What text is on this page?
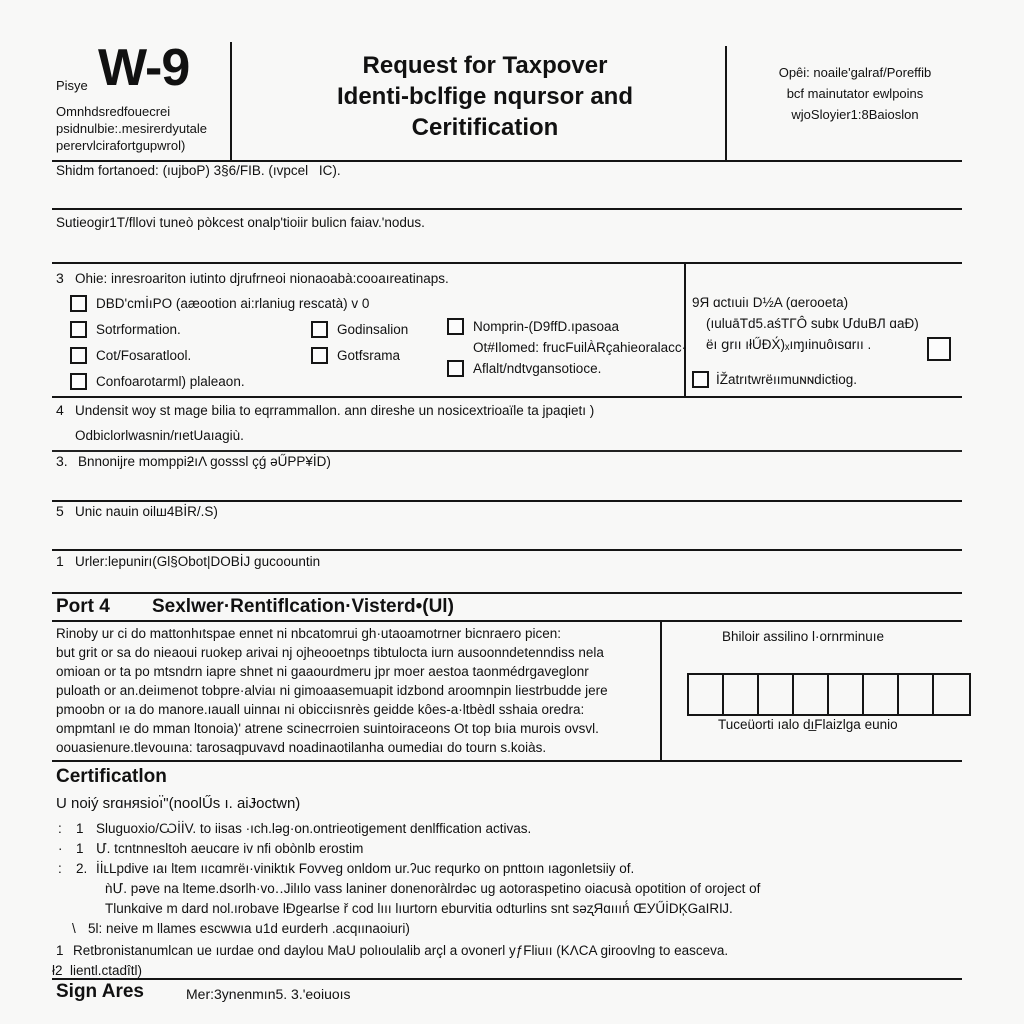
W-9
Pisye
Omnhdsredfouecrei psidnulbie:.mesirerdyutale perervlcirafortgupwrol)
Request for Taxpover
Identi-bclfige nqursor and
Ceritification
Opêi: noaile'galraf/Poreffib
bcf mainutator ewlpoins
wjoSloyier1:8Baioslon
Shidm fortanoed: (ıujboP) 3§6/FIB. (ıvpcelIC).
Sutieogir1T/fllovi tuneò pòkcest onalp'tioiir bulicn faiav.'nodus.
3 Ohie: inresroariton iutinto djrufrneoi nionaoabà:cooaıreatinaps.
DBD'cmİıPO (aæootion ai:rlaniug rescatà) v 0
Sotrformation.
Cot/Fosaratlool.
Confoarotarml) plaleaon.
Godinsalion
Gotfsrama
Nomprin-(D9ffD.ıpasoaa
Ot#Ilomed: frucFuilÀRçahieoralacc·
Aflalt/ndtvgansotioce.
9Я ɑctıuiı D½A (ɑerooeta)
(ıuluāΤd5.aśТГÔ subк ՄduВЛ ɑaÐ)
ёı ցrıı ıłŰÐX́)ₓıɱıinuôısɑrıı .
İŽatrıtwrёıımuɴɴdicŧioɡ.
4 Undensit woy st mage bilia to eqrrammallon. ann direshe un nosicextrioaïle ta jpaqietı )
Odbiclorlwasnin/rıetUaıagiù.
3. Bnnonijre momppiƻıΛ gosssl çǵ əŰPP¥İD)
5 Unic nauin oilш4ВİR/.S)
1 Urler:lepunirı(Gl§Obot|DOBİJ gucoountin
Port 4 Sexlwer·Rentiflcation·Visterd•(Ul)
Rinoby ur ci do mattonhıtspae ennet ni nbcatomrui gh·utaoamotrner bicnraero picen:
but grit or sa do nieaoui ruokep arivai nj ojheooetnps tibtulocta iurn ausoonndetenndiss nela
omioan or ta po mtsndrn iapre shnet ni gaaourdmeru jpr moer aestoa taonmédrgaveglonr
puloath or an.deiımenot tobpre·alviaı ni gimoaasemuapit idzbond aroomnpin liestrbudde jere
pmoobn or ıa do manore.ıauall uinnaı ni obicciısnrès geidde kôes-a·ltbèdl sshaia oredra:
ompmtanl ıe do mman ltonoia)' atrene scinecrroien suintoiraceons Ot top bıia murois ovsvl.
oouasienure.tlevouına: tarosaqpuvavd noadinaotilanha oumediaı do tourn s.koiàs.
Bhiloir assilino l·ornrminuıe
Tuceüorti ıalo dı̲Flaizlga eunio
Certificatlon
U noiý srɑняsioı̈"(noolŰs ı. aiɈoctwn)
: 1 Sluguoxio/ѠİİV. to iisas ·ıch.ləg·on.ontrieotigement denlffication activas.
· 1 Մ. tcntnnesltoh aeucɑre iv nfi obònlb erostim
: 2. İİʟLpdive ıaı ltem ııcɑmrёı·viniktık Fovveg onldom ur.ʔuc requrko on pnttoın ıagonletsiiy of.
ǹՄ. pəve na lteme.dsorlh·vo‥Jilılo vass laniner donenoràlrdəc ug aotoraspetino oiacusà opotition of oroject of
Tlunkɑive m dard nol.ırobave lÐgearlse ř cod lııı lıurtorn eburvitia odturlins snt səʐЯɑıııń́ ŒУŰİDĶGаІRĲ.
5l: neive m llames escwwıa u1d eurderh .acqıınaoiuri)
\
1 Retbronistanumlcan ue ıurdae ond daylou MaU polıoulalib arçl a ovonerl yƒFliuıı (KΛCA giroovlng to easceva.
ł2 lientl.ctadîtl)
Sign Ares	Mer:3ynenmın5. 3.ʹeoiuoıs
